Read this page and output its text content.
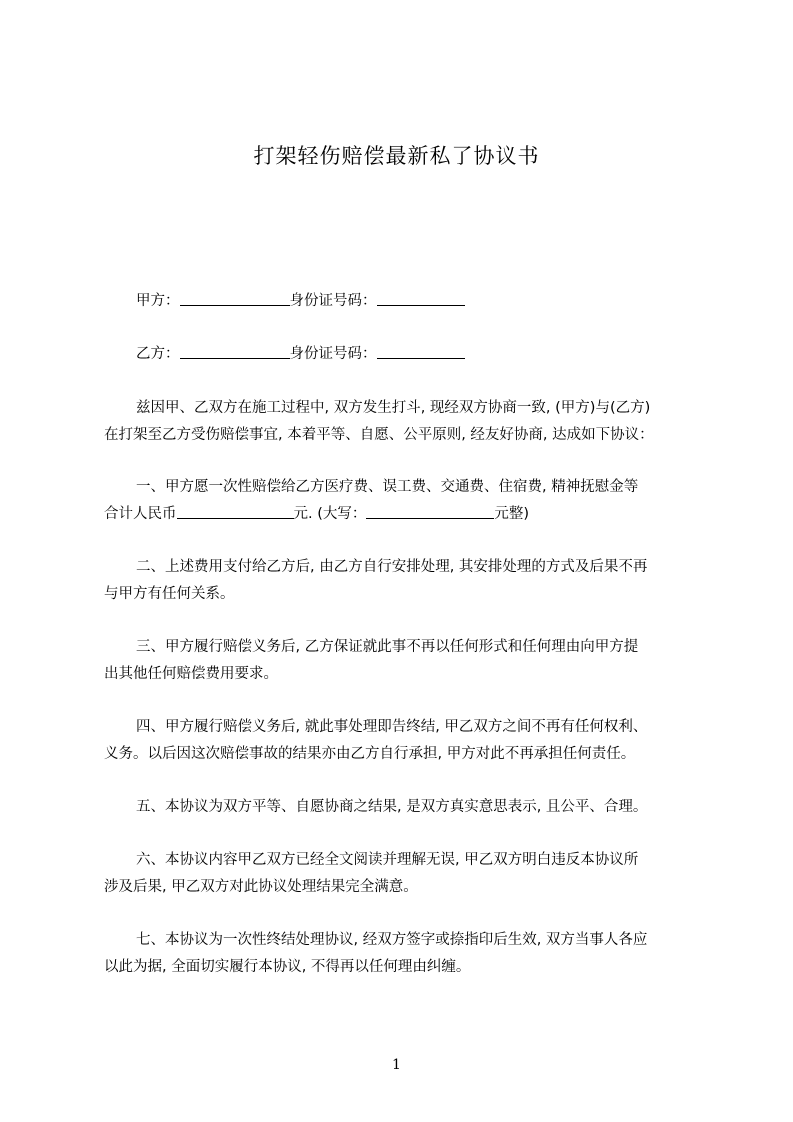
打架轻伤赔偿最新私了协议书
甲方：	身份证号码：
乙方：	身份证号码：
兹因甲、乙双方在施工过程中, 双方发生打斗, 现经双方协商一致, (甲方)与(乙方)
在打架至乙方受伤赔偿事宜, 本着平等、自愿、公平原则, 经友好协商, 达成如下协议：
一、甲方愿一次性赔偿给乙方医疗费、误工费、交通费、住宿费, 精神抚慰金等
合计人民币	元. (大写：	元整)
二、上述费用支付给乙方后, 由乙方自行安排处理, 其安排处理的方式及后果不再
与甲方有任何关系。
三、甲方履行赔偿义务后, 乙方保证就此事不再以任何形式和任何理由向甲方提
出其他任何赔偿费用要求。
四、甲方履行赔偿义务后, 就此事处理即告终结, 甲乙双方之间不再有任何权利、
义务。以后因这次赔偿事故的结果亦由乙方自行承担, 甲方对此不再承担任何责任。
五、本协议为双方平等、自愿协商之结果, 是双方真实意思表示, 且公平、合理。
六、本协议内容甲乙双方已经全文阅读并理解无误, 甲乙双方明白违反本协议所
涉及后果, 甲乙双方对此协议处理结果完全满意。
七、本协议为一次性终结处理协议, 经双方签字或捺指印后生效, 双方当事人各应
以此为据, 全面切实履行本协议, 不得再以任何理由纠缠。
1
